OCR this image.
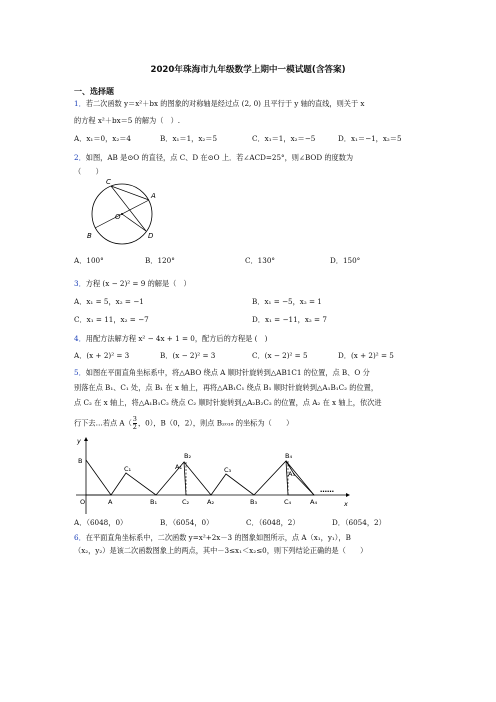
2020年珠海市九年级数学上期中一模试题(含答案)
一、选择题
1．若二次函数 y＝x²＋bx 的图象的对称轴是经过点 (2, 0) 且平行于 y 轴的直线，则关于 x
的方程 x²＋bx＝5 的解为（　）.
A．x₁＝0，x₂＝4	B．x₁＝1，x₂＝5	C．x₁＝1，x₂＝−5	D．x₁＝−1，x₂＝5
2．如图，AB 是⊙O 的直径，点 C、D 在⊙O 上．若∠ACD=25°，则∠BOD 的度数为
（　　）
C
A
O
D
B
A．100°	B．120°	C．130°	D．150°
3．方程 (x − 2)² = 9 的解是（　）
A．x₁ = 5，x₂ = −1	B．x₁ = −5，x₂ = 1
C．x₁ = 11，x₂ = −7	D．x₁ = −11，x₂ = 7
4．用配方法解方程 x² − 4x + 1 = 0，配方后的方程是 (　)
A．(x + 2)² = 3	B．(x − 2)² = 3	C．(x − 2)² = 5	D．(x + 2)² = 5
5．如图在平面直角坐标系中，将△ABO 绕点 A 顺时针旋转到△AB1C1 的位置，点 B、O 分
别落在点 B₁、C₁ 处，点 B₁ 在 x 轴上，再将△AB₁C₁ 绕点 B₁ 顺时针旋转到△A₁B₁C₂ 的位置，
点 C₂ 在 x 轴上，将△A₁B₁C₂ 绕点 C₂ 顺时针旋转到△A₂B₂C₂ 的位置，点 A₂ 在 x 轴上，依次进
行下去…若点 $A( \frac{3}{2}$ ，0），B（0，2），则点 B₂₀₁₈ 的坐标为（　　）
y
B
O	A
C₁
B₁
B₂
A₁
C₂	A₂
C₃
B₃
B₄
A₃
C₄	A₄
……
x
A．（6048，0）	B．（6054，0）	C．（6048，2）	D．（6054，2）
6．在平面直角坐标系中，二次函数 y=x²+2x－3 的图象如图所示，点 A（x₁，y₁），B
（x₂，y₂）是该二次函数图象上的两点，其中－3≤x₁＜x₂≤0，则下列结论正确的是（　　）
